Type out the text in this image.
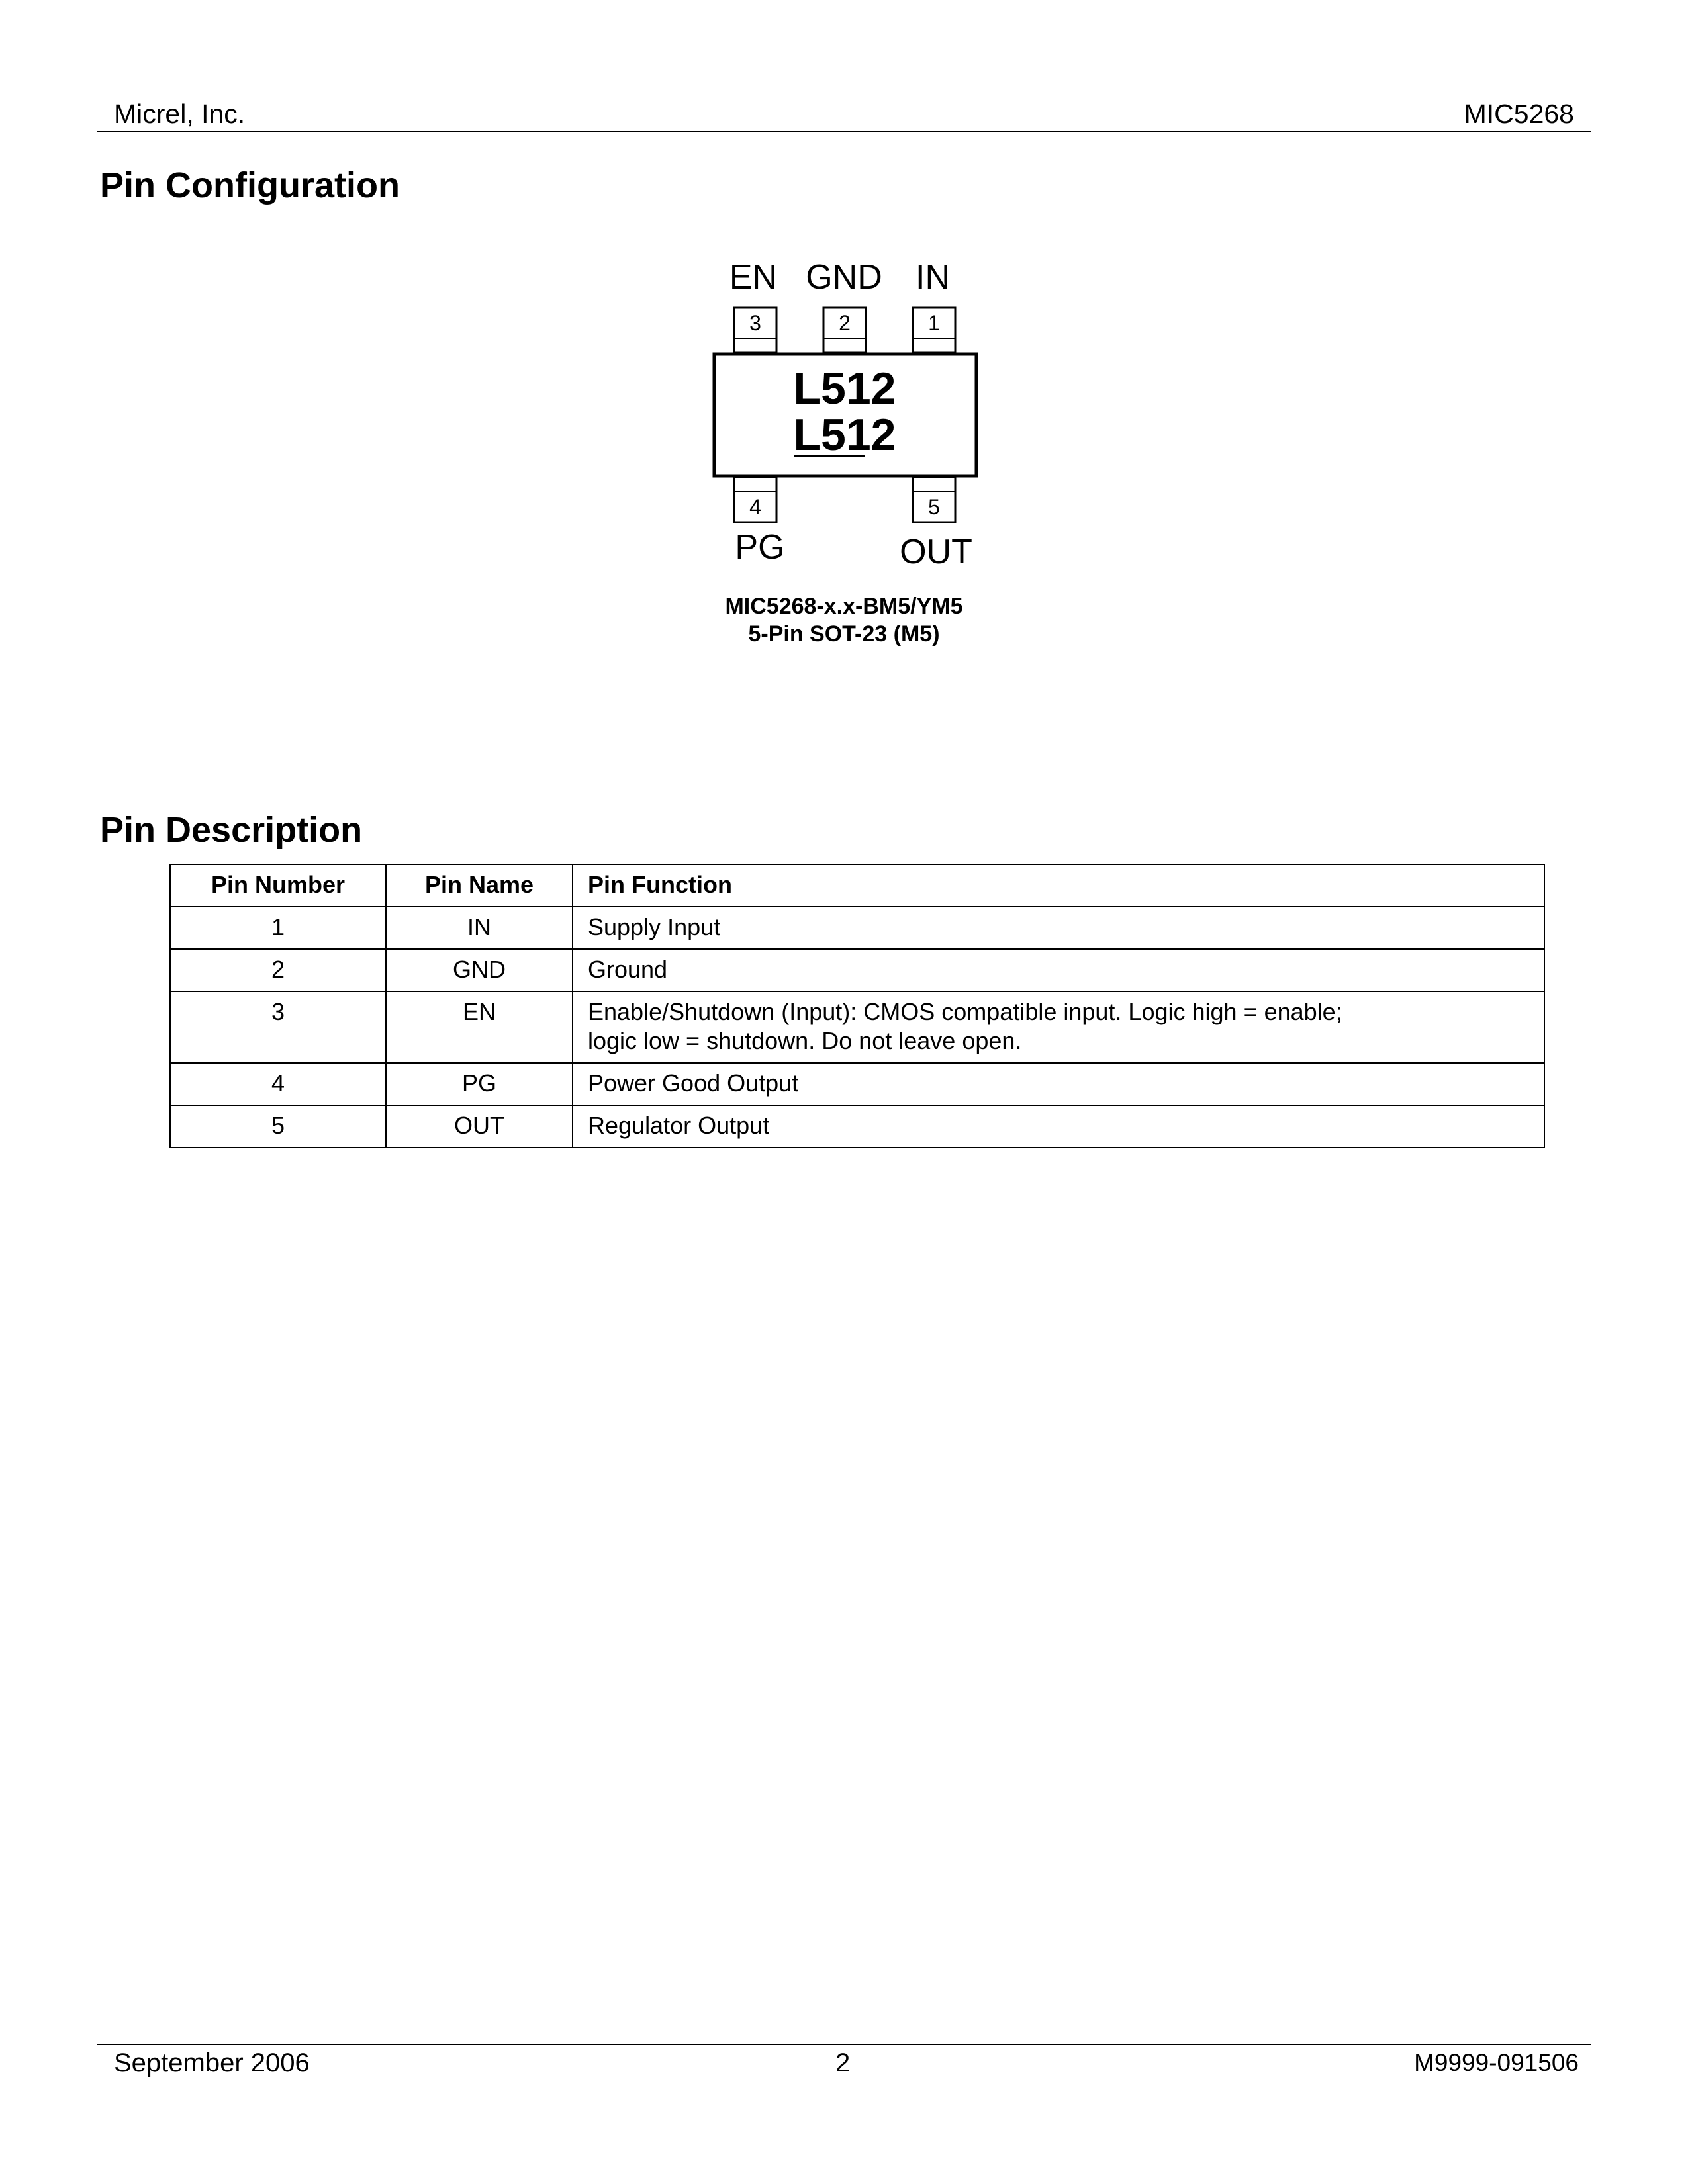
Micrel, Inc.	MIC5268
Pin Configuration
EN GND IN
3	2	1
L512
L512
4	5
PG	OUT
MIC5268-x.x-BM5/YM5
5-Pin SOT-23 (M5)
Pin Description
Pin Number	Pin Name	Pin Function
1	IN	Supply Input
2	GND	Ground
3	EN	Enable/Shutdown (Input): CMOS compatible input. Logic high = enable;
logic low = shutdown. Do not leave open.

4	PG	Power Good Output
5	OUT	Regulator Output
September 2006	2	M9999-091506
